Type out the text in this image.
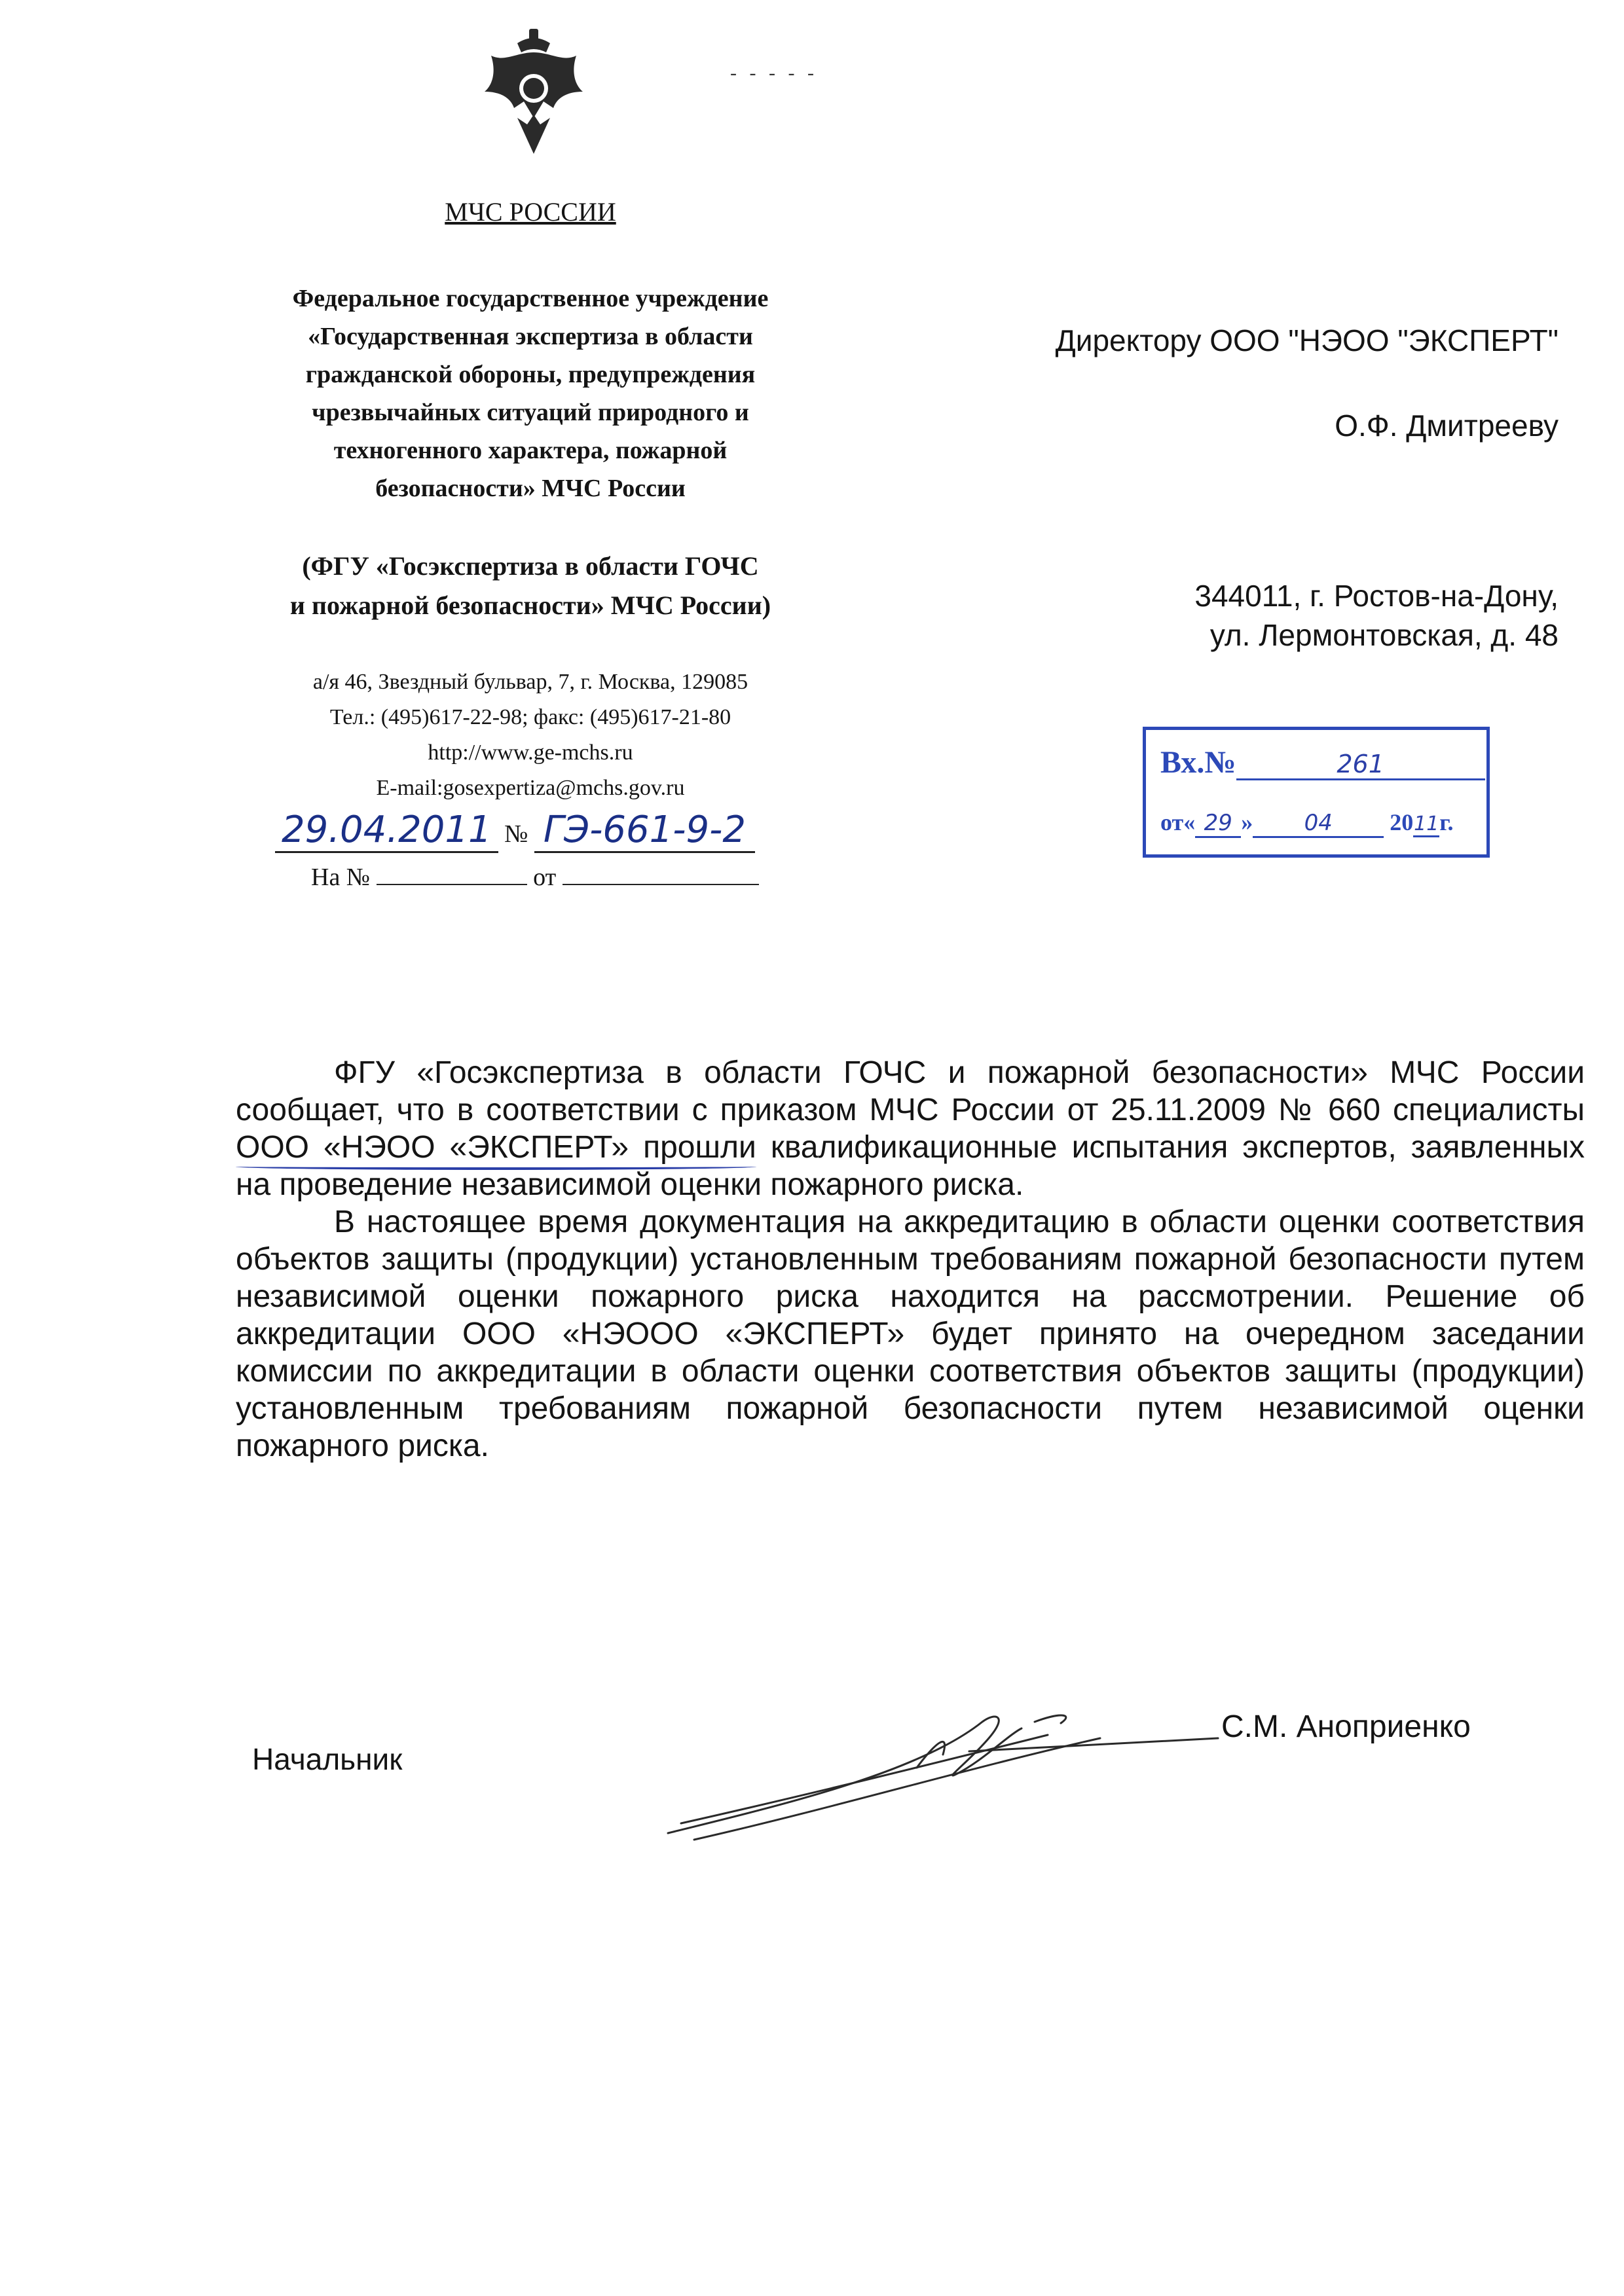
- - - - -
МЧС РОССИИ

Федеральное государственное учреждение

«Государственная экспертиза в области

гражданской обороны, предупреждения

чрезвычайных ситуаций природного и

техногенного характера, пожарной

безопасности» МЧС России

(ФГУ «Госэкспертиза в области ГОЧС
и пожарной безопасности» МЧС России)
а/я 46, Звездный бульвар, 7, г. Москва, 129085
Тел.: (495)617-22-98; факс: (495)617-21-80
http://www.ge-mchs.ru
E-mail:gosexpertiza@mchs.gov.ru
29.04.2011 № ГЭ-661-9-2
На №	от
Директору ООО "НЭОО "ЭКСПЕРТ"
О.Ф. Дмитрееву
344011, г. Ростов-на-Дону,
ул. Лермонтовская, д. 48
Вх.№	261
от« 29 » 04 2011г.

ФГУ «Госэкспертиза в области ГОЧС и пожарной безопасности» МЧС России сообщает, что в соответствии с приказом МЧС России от 25.11.2009 № 660 специалисты ООО «НЭОО «ЭКСПЕРТ» прошли квалификационные испытания экспертов, заявленных на проведение независимой оценки пожарного риска.

В настоящее время документация на аккредитацию в области оценки соответствия объектов защиты (продукции) установленным требованиям пожарной безопасности путем независимой оценки пожарного риска находится на рассмотрении. Решение об аккредитации ООО «НЭООО «ЭКСПЕРТ» будет принято на очередном заседании комиссии по аккредитации в области оценки соответствия объектов защиты (продукции) установленным требованиям пожарной безопасности путем независимой оценки пожарного риска.

Начальник
С.М. Аноприенко
